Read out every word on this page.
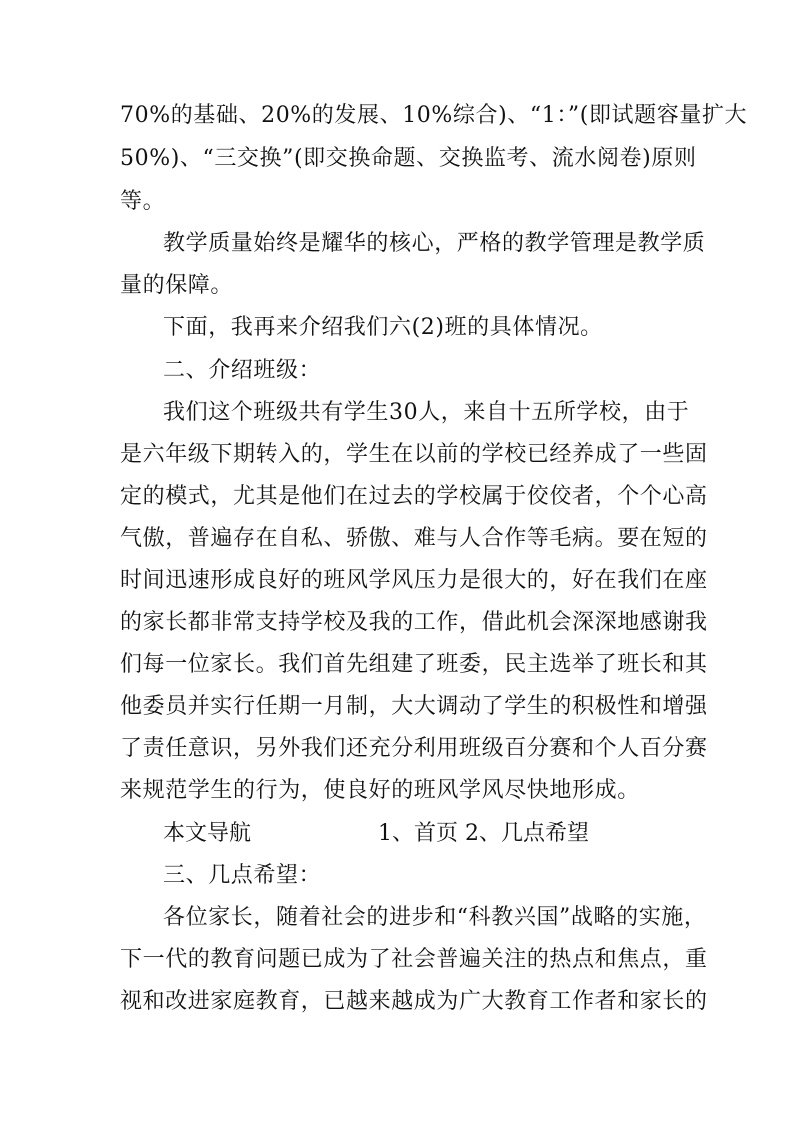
70%的基础、20%的发展、10%综合)、“1：”(即试题容量扩大
50%)、“三交换”(即交换命题、交换监考、流水阅卷)原则
等。
教学质量始终是耀华的核心，严格的教学管理是教学质
量的保障。
下面，我再来介绍我们六(2)班的具体情况。
二、介绍班级：
我们这个班级共有学生30人，来自十五所学校，由于
是六年级下期转入的，学生在以前的学校已经养成了一些固
定的模式，尤其是他们在过去的学校属于佼佼者，个个心高
气傲，普遍存在自私、骄傲、难与人合作等毛病。要在短的
时间迅速形成良好的班风学风压力是很大的，好在我们在座
的家长都非常支持学校及我的工作，借此机会深深地感谢我
们每一位家长。我们首先组建了班委，民主选举了班长和其
他委员并实行任期一月制，大大调动了学生的积极性和增强
了责任意识，另外我们还充分利用班级百分赛和个人百分赛
来规范学生的行为，使良好的班风学风尽快地形成。
本文导航	1、首页 2、几点希望
三、几点希望：
各位家长，随着社会的进步和“科教兴国”战略的实施，
下一代的教育问题已成为了社会普遍关注的热点和焦点，重
视和改进家庭教育，已越来越成为广大教育工作者和家长的
